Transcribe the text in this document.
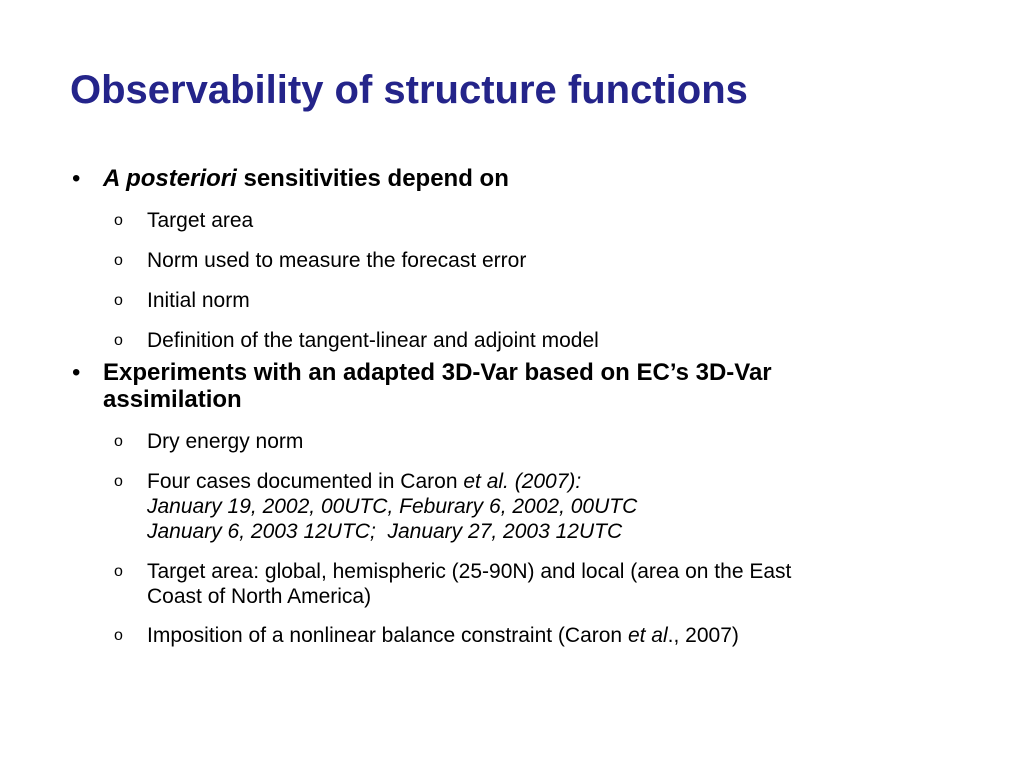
Observability of structure functions
• A posteriori sensitivities depend on
o Target area
o Norm used to measure the forecast error
o Initial norm
o Definition of the tangent-linear and adjoint model
• Experiments with an adapted 3D-Var based on EC’s 3D-Var
assimilation
o Dry energy norm
o Four cases documented in Caron et al. (2007):
January 19, 2002, 00UTC, Feburary 6, 2002, 00UTC
January 6, 2003 12UTC;  January 27, 2003 12UTC
o Target area: global, hemispheric (25-90N) and local (area on the East
Coast of North America)
o Imposition of a nonlinear balance constraint (Caron et al., 2007)
